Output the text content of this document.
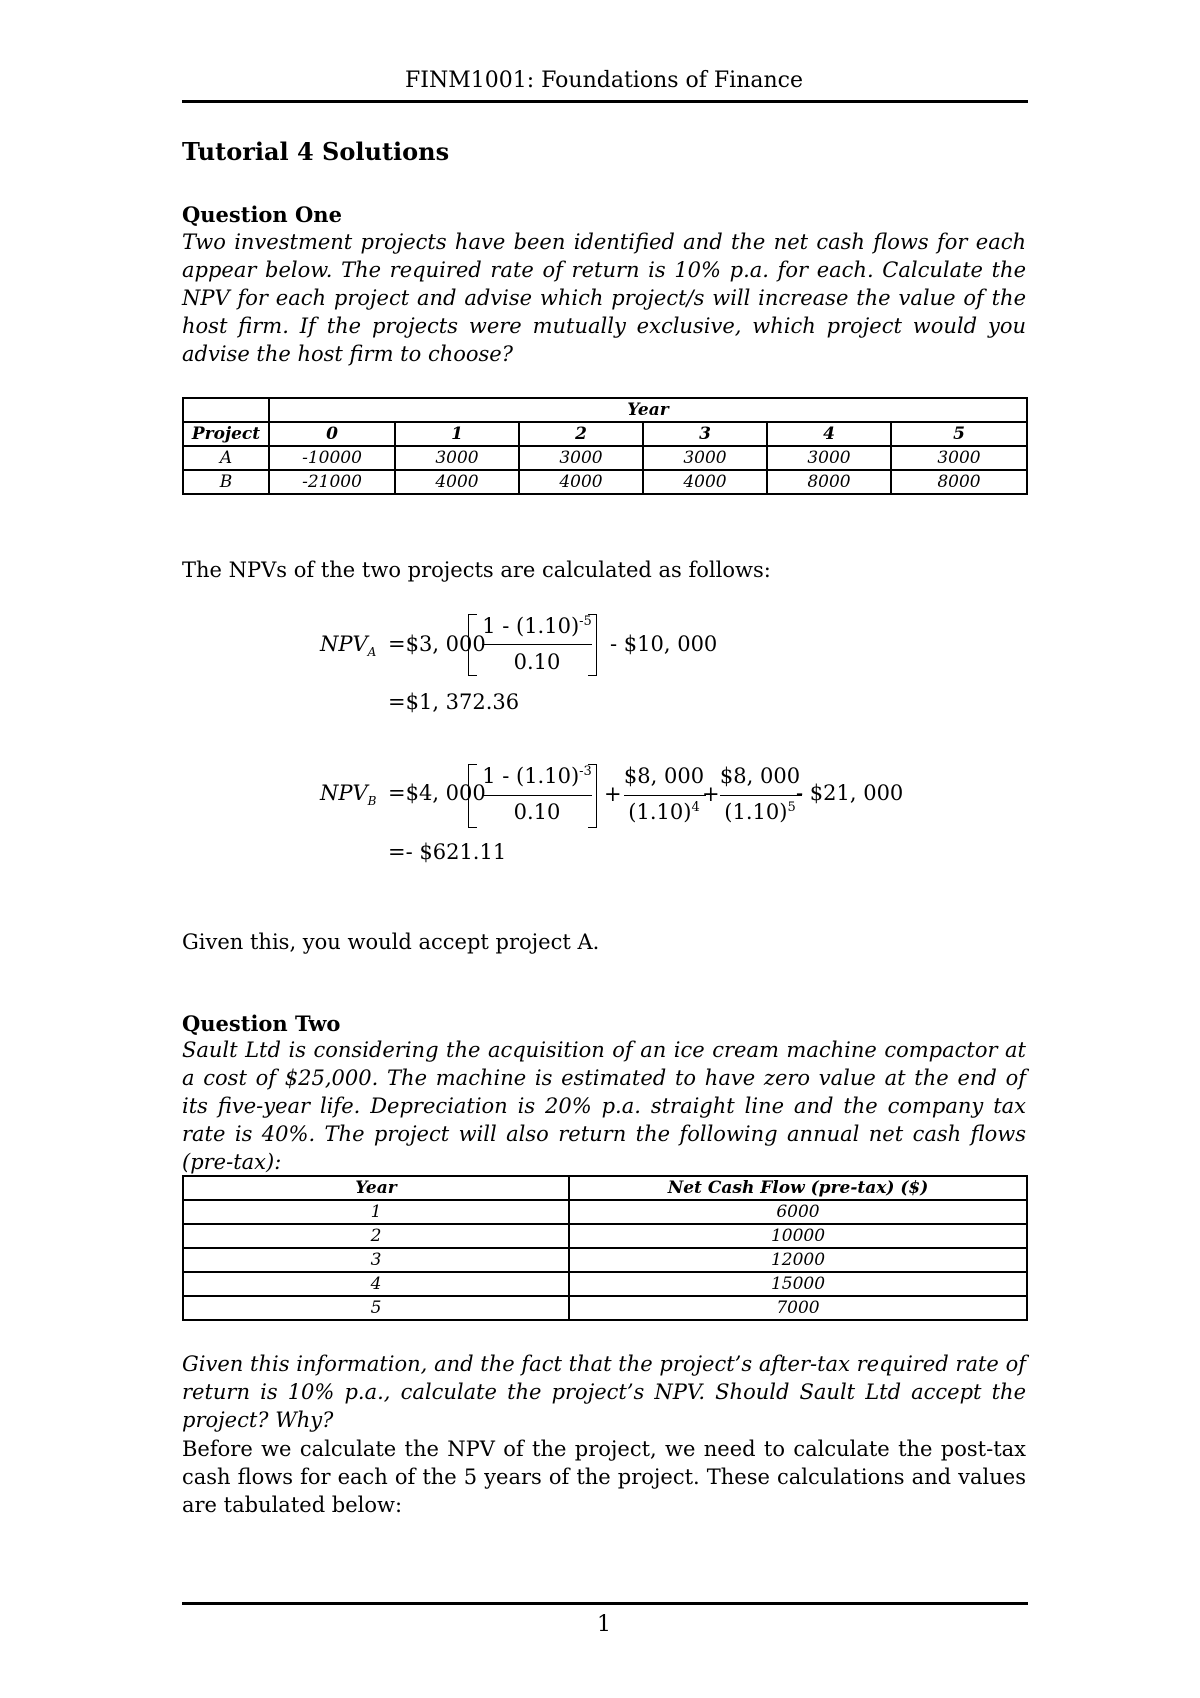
FINM1001: Foundations of Finance
Tutorial 4 Solutions
Question One
Two investment projects have been identified and the net cash flows for each appear below. The required rate of return is 10% p.a. for each. Calculate the NPV for each project and advise which project/s will increase the value of the host firm. If the projects were mutually exclusive, which project would you advise the host firm to choose?
	Year					
Project	0	1	2	3	4	5
A	-10000	3000	3000	3000	3000	3000
B	-21000	4000	4000	4000	8000	8000
The NPVs of the two projects are calculated as follows:
$NPV_A$ =$3, 000
$1 - (1.10)^{-5}$
0.10
- $10, 000
=$1, 372.36
$NPV_B$ =$4, 000
$1 - (1.10)^{-3}$
0.10
+
$8, 000
$(1.10)^4$
+
$8, 000
$(1.10)^5$
- $21, 000
=- $621.11
Given this, you would accept project A.
Question Two
Sault Ltd is considering the acquisition of an ice cream machine compactor at a cost of $25,000. The machine is estimated to have zero value at the end of its five-year life. Depreciation is 20% p.a. straight line and the company tax rate is 40%. The project will also return the following annual net cash flows (pre-tax):
Year	Net Cash Flow (pre-tax) ($)
1	6000
2	10000
3	12000
4	15000
5	7000
Given this information, and the fact that the project’s after-tax required rate of return is 10% p.a., calculate the project’s NPV. Should Sault Ltd accept the project? Why?
Before we calculate the NPV of the project, we need to calculate the post-tax cash flows for each of the 5 years of the project. These calculations and values are tabulated below:
1
